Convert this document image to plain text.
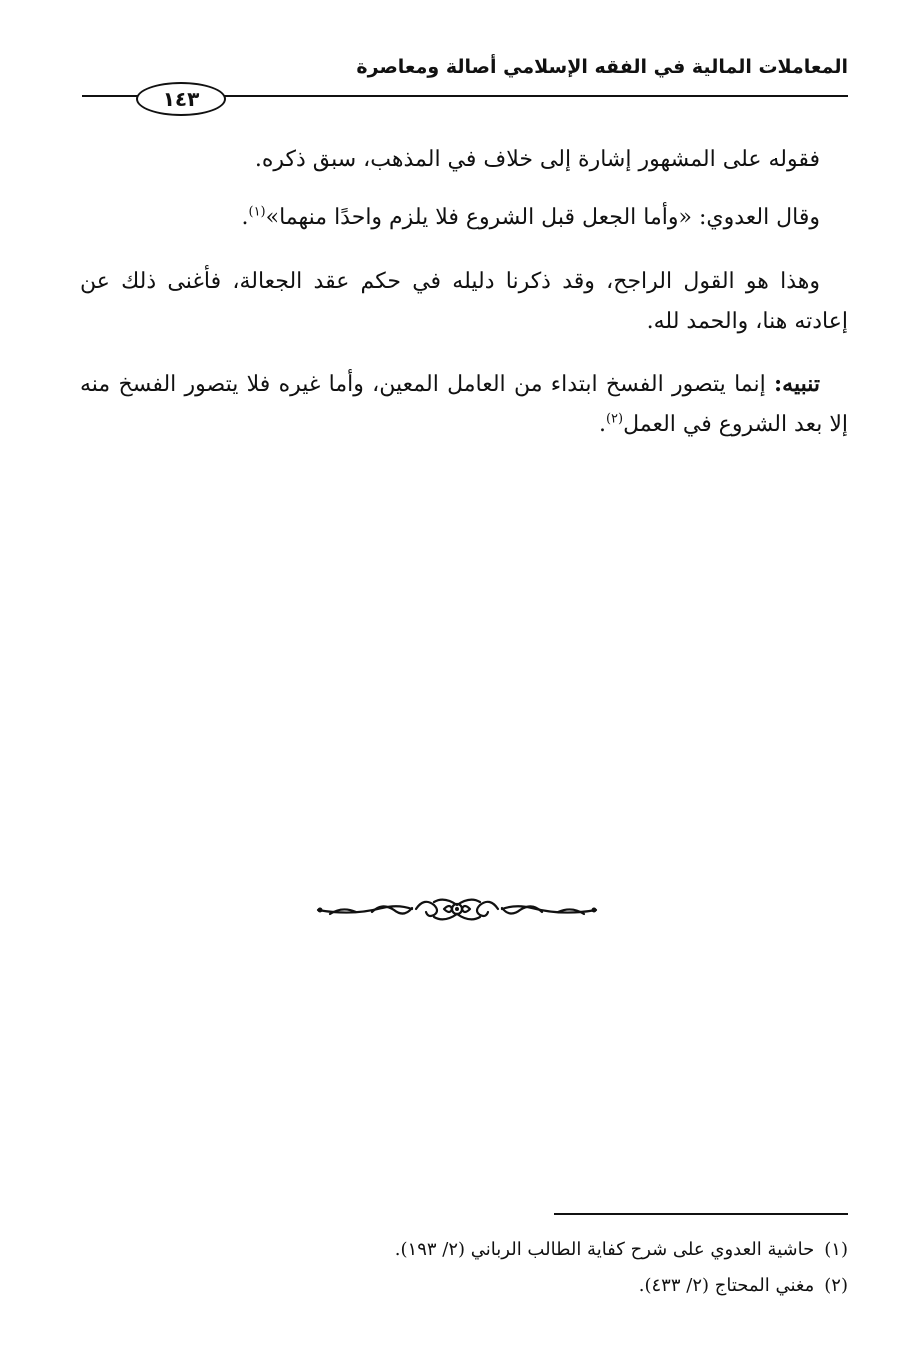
المعاملات المالية في الفقه الإسلامي أصالة ومعاصرة
١٤٣

فقوله على المشهور إشارة إلى خلاف في المذهب، سبق ذكره.

وقال العدوي: «وأما الجعل قبل الشروع فلا يلزم واحدًا منهما»$^{(١)}$.

وهذا هو القول الراجح، وقد ذكرنا دليله في حكم عقد الجعالة، فأغنى ذلك عن إعادته هنا، والحمد لله.

تنبيه: إنما يتصور الفسخ ابتداء من العامل المعين، وأما غيره فلا يتصور الفسخ منه إلا بعد الشروع في العمل$^{(٢)}$.

(١)حاشية العدوي على شرح كفاية الطالب الرباني (٢/ ١٩٣).

(٢)مغني المحتاج (٢/ ٤٣٣).
